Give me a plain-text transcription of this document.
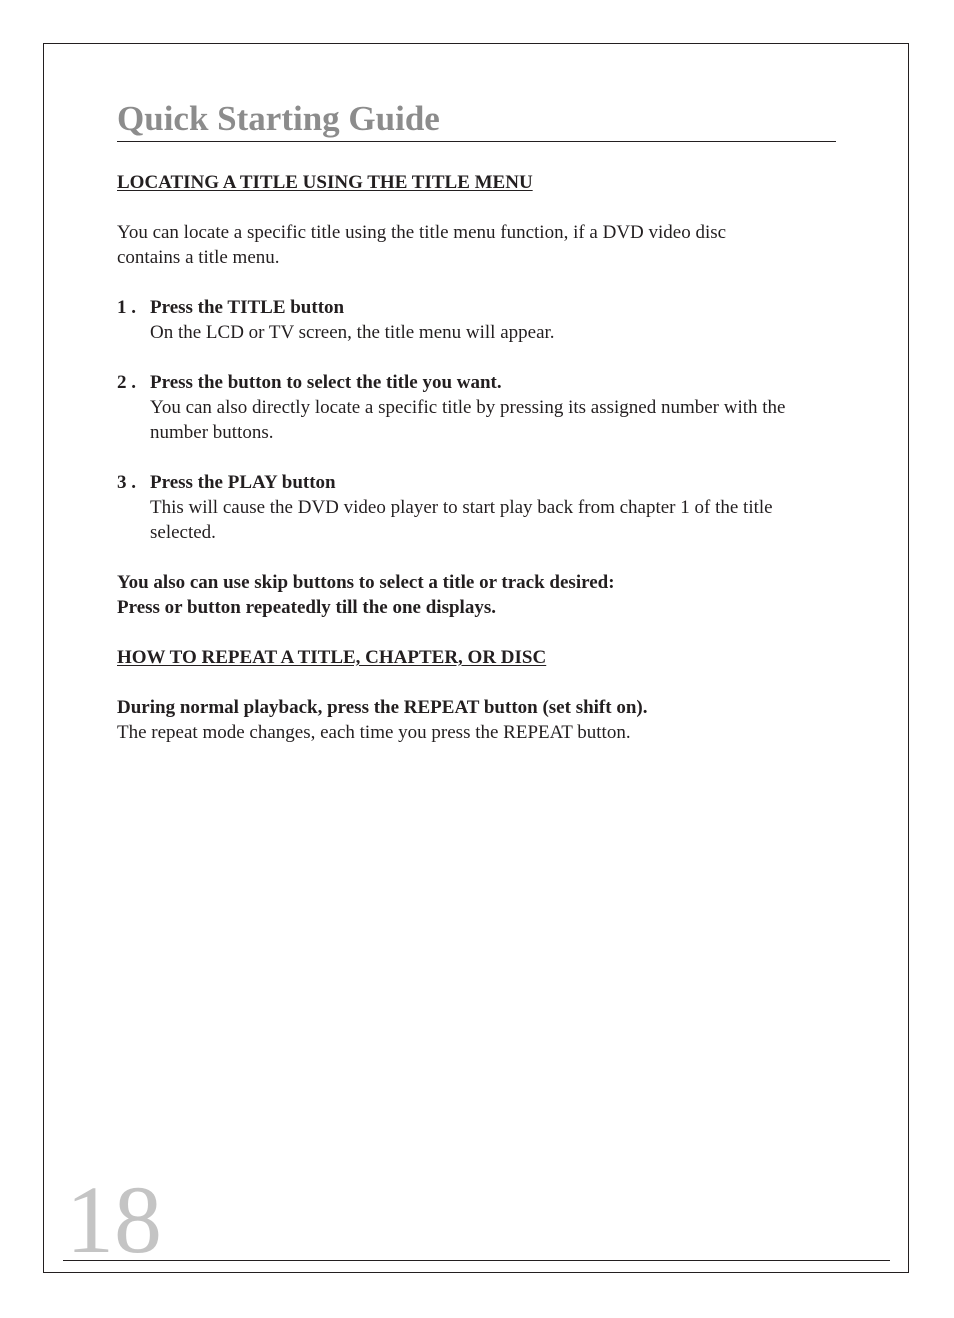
Quick Starting Guide

LOCATING A TITLE USING THE TITLE MENU

You can locate a specific title using the title menu function, if a DVD video disc
contains a title menu.
1 . Press the TITLE button
On the LCD or TV screen, the title menu will appear.
2 . Press the button to select the title you want.
You can also directly locate a specific title by pressing its assigned number with the
number buttons.
3 . Press the PLAY button
This will cause the DVD video player to start play back from chapter 1 of the title
selected.
You also can use skip buttons to select a title or track desired:
Press or button repeatedly till the one displays.

HOW TO REPEAT A TITLE, CHAPTER, OR DISC

During normal playback, press the REPEAT button (set shift on).
The repeat mode changes, each time you press the REPEAT button.
18
